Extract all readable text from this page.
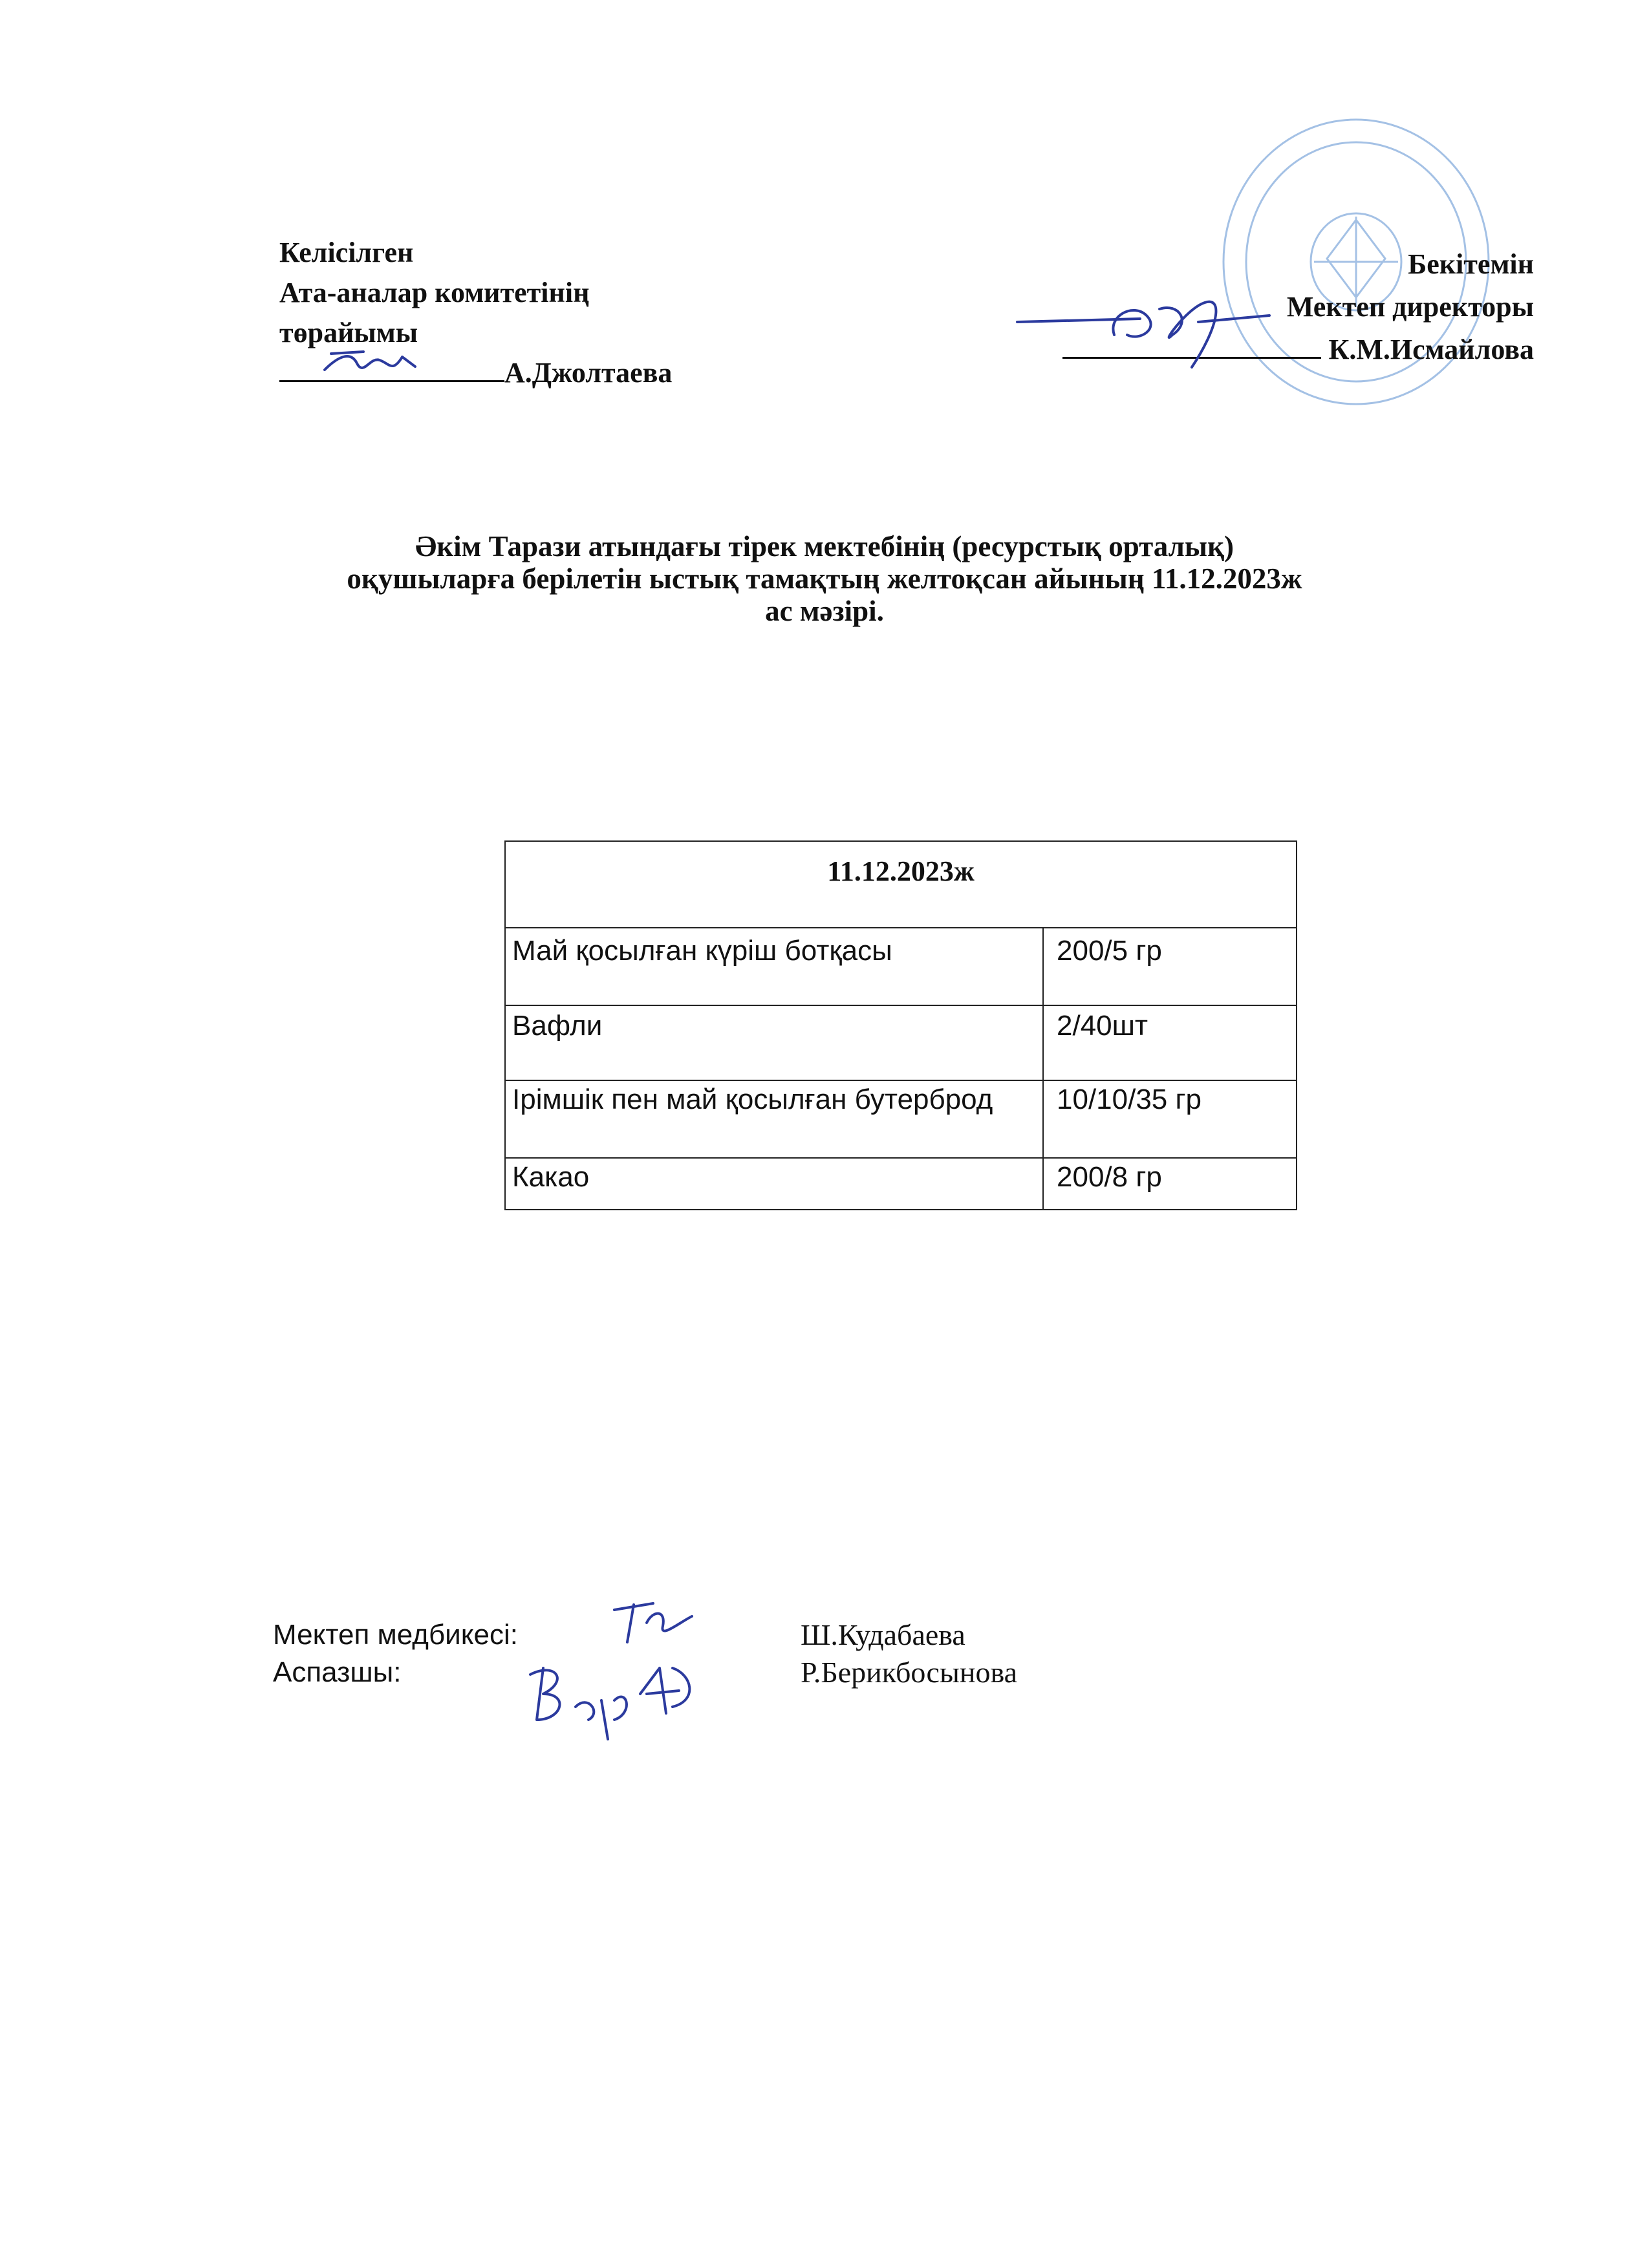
Келісілген
Ата-аналар комитетінің
төрайымы
А.Джолтаева
Бекітемін
Мектеп директоры
К.М.Исмайлова
Әкім Тарази атындағы тірек мектебінің (ресурстық орталық)
оқушыларға берілетін ыстық тамақтың желтоқсан айының 11.12.2023ж
ас мәзірі.
11.12.2023ж	
Май қосылған күріш ботқасы	200/5 гр
Вафли	2/40шт
Ірімшік пен май қосылған бутерброд	10/10/35 гр
Какао	200/8 гр
Мектеп медбикесі:
Аспазшы:
Ш.Кудабаева
Р.Берикбосынова
